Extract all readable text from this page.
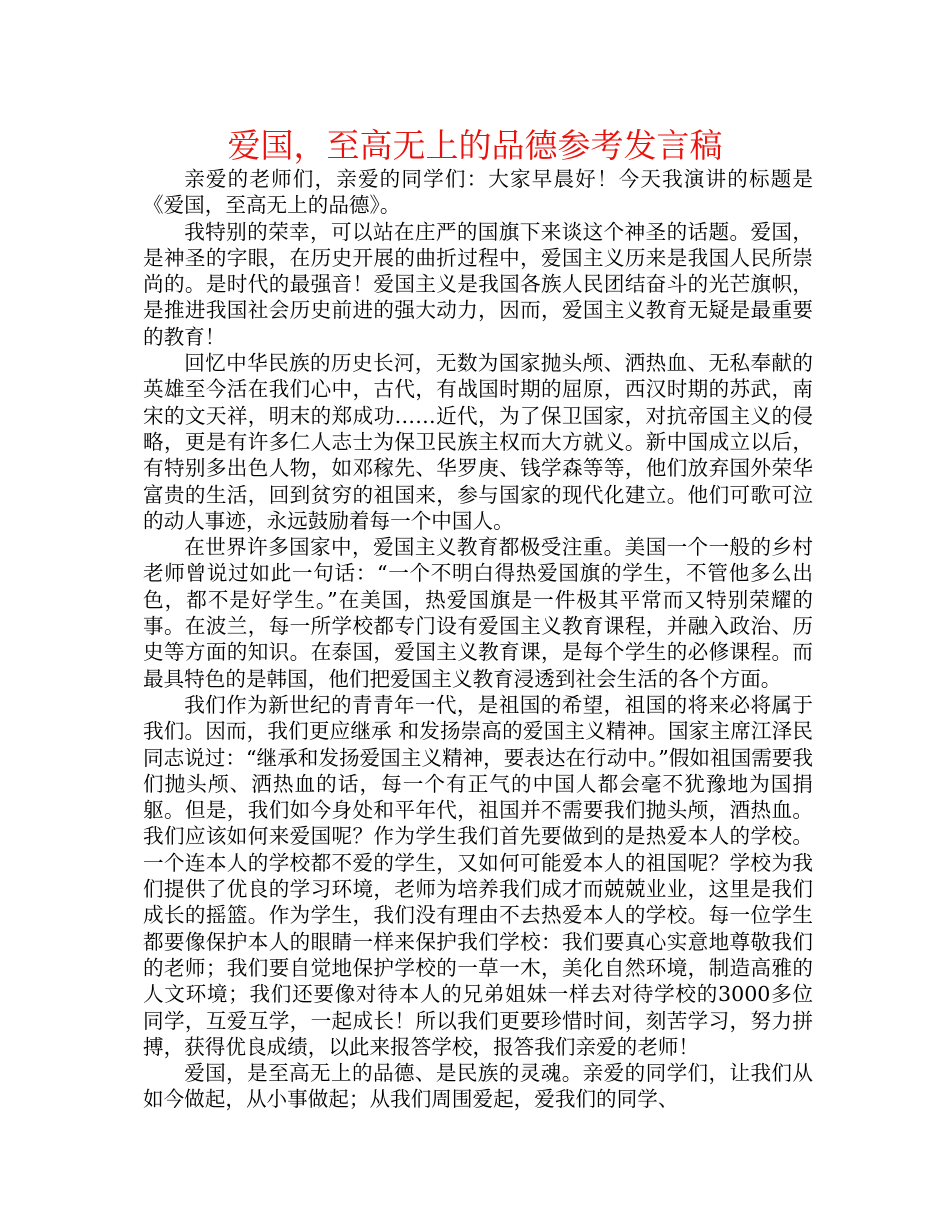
爱国，至高无上的品德参考发言稿

亲爱的老师们，亲爱的同学们：大家早晨好！今天我演讲的标题是《爱国，至高无上的品德》。

我特别的荣幸，可以站在庄严的国旗下来谈这个神圣的话题。爱国，是神圣的字眼，在历史开展的曲折过程中，爱国主义历来是我国人民所崇尚的。是时代的最强音！爱国主义是我国各族人民团结奋斗的光芒旗帜，是推进我国社会历史前进的强大动力，因而，爱国主义教育无疑是最重要的教育！

回忆中华民族的历史长河，无数为国家抛头颅、洒热血、无私奉献的英雄至今活在我们心中，古代，有战国时期的屈原，西汉时期的苏武，南宋的文天祥，明末的郑成功……近代，为了保卫国家，对抗帝国主义的侵略，更是有许多仁人志士为保卫民族主权而大方就义。新中国成立以后，有特别多出色人物，如邓稼先、华罗庚、钱学森等等，他们放弃国外荣华富贵的生活，回到贫穷的祖国来，参与国家的现代化建立。他们可歌可泣的动人事迹，永远鼓励着每一个中国人。

在世界许多国家中，爱国主义教育都极受注重。美国一个一般的乡村老师曾说过如此一句话：“一个不明白得热爱国旗的学生，不管他多么出色，都不是好学生。”在美国，热爱国旗是一件极其平常而又特别荣耀的事。在波兰，每一所学校都专门设有爱国主义教育课程，并融入政治、历史等方面的知识。在泰国，爱国主义教育课，是每个学生的必修课程。而最具特色的是韩国，他们把爱国主义教育浸透到社会生活的各个方面。

我们作为新世纪的青青年一代，是祖国的希望，祖国的将来必将属于我们。因而，我们更应继承 和发扬崇高的爱国主义精神。国家主席江泽民同志说过：“继承和发扬爱国主义精神，要表达在行动中。”假如祖国需要我们抛头颅、洒热血的话，每一个有正气的中国人都会毫不犹豫地为国捐躯。但是，我们如今身处和平年代，祖国并不需要我们抛头颅，酒热血。我们应该如何来爱国呢？作为学生我们首先要做到的是热爱本人的学校。一个连本人的学校都不爱的学生，又如何可能爱本人的祖国呢？学校为我们提供了优良的学习环境，老师为培养我们成才而兢兢业业，这里是我们成长的摇篮。作为学生，我们没有理由不去热爱本人的学校。每一位学生都要像保护本人的眼睛一样来保护我们学校：我们要真心实意地尊敬我们的老师；我们要自觉地保护学校的一草一木，美化自然环境，制造高雅的人文环境；我们还要像对待本人的兄弟姐妹一样去对待学校的3000多位同学，互爱互学，一起成长！所以我们更要珍惜时间，刻苦学习，努力拼搏，获得优良成绩，以此来报答学校，报答我们亲爱的老师！

爱国，是至高无上的品德、是民族的灵魂。亲爱的同学们，让我们从如今做起，从小事做起；从我们周围爱起，爱我们的同学、
